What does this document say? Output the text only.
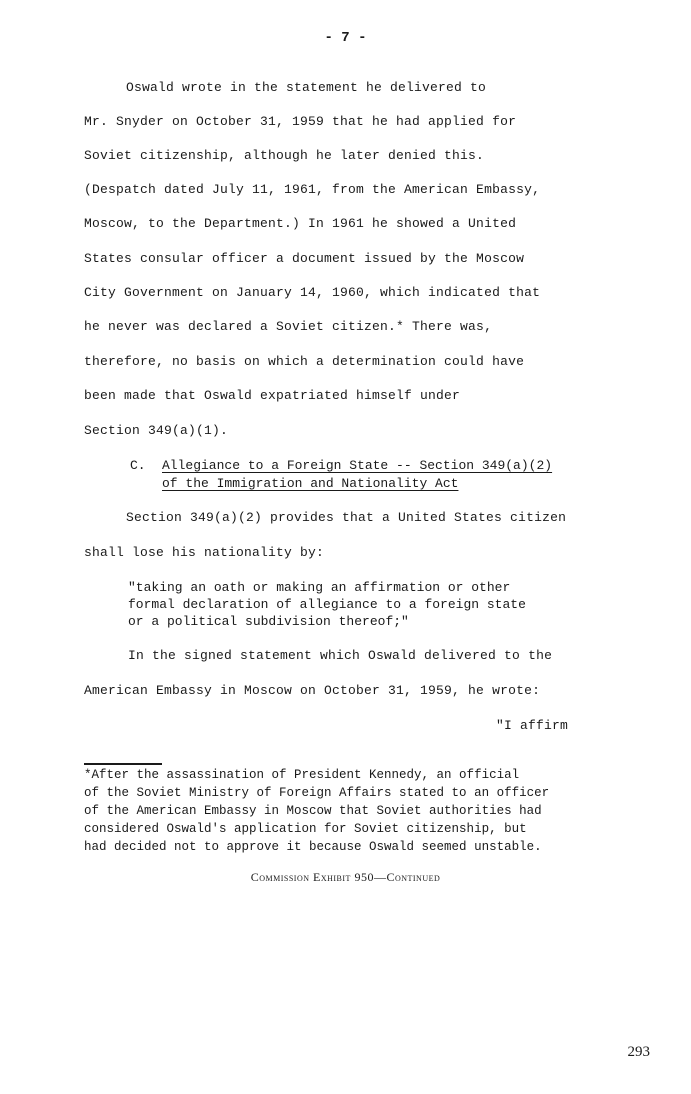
- 7 -
Oswald wrote in the statement he delivered to
Mr. Snyder on October 31, 1959 that he had applied for
Soviet citizenship, although he later denied this.
(Despatch dated July 11, 1961, from the American Embassy,
Moscow, to the Department.) In 1961 he showed a United
States consular officer a document issued by the Moscow
City Government on January 14, 1960, which indicated that
he never was declared a Soviet citizen.* There was,
therefore, no basis on which a determination could have
been made that Oswald expatriated himself under
Section 349(a)(1).
C. Allegiance to a Foreign State -- Section 349(a)(2)
of the Immigration and Nationality Act
Section 349(a)(2) provides that a United States citizen
shall lose his nationality by:
"taking an oath or making an affirmation or other
formal declaration of allegiance to a foreign state
or a political subdivision thereof;"
In the signed statement which Oswald delivered to the
American Embassy in Moscow on October 31, 1959, he wrote:
"I affirm
*After the assassination of President Kennedy, an official
of the Soviet Ministry of Foreign Affairs stated to an officer
of the American Embassy in Moscow that Soviet authorities had
considered Oswald's application for Soviet citizenship, but
had decided not to approve it because Oswald seemed unstable.
Commission Exhibit 950—Continued
293
